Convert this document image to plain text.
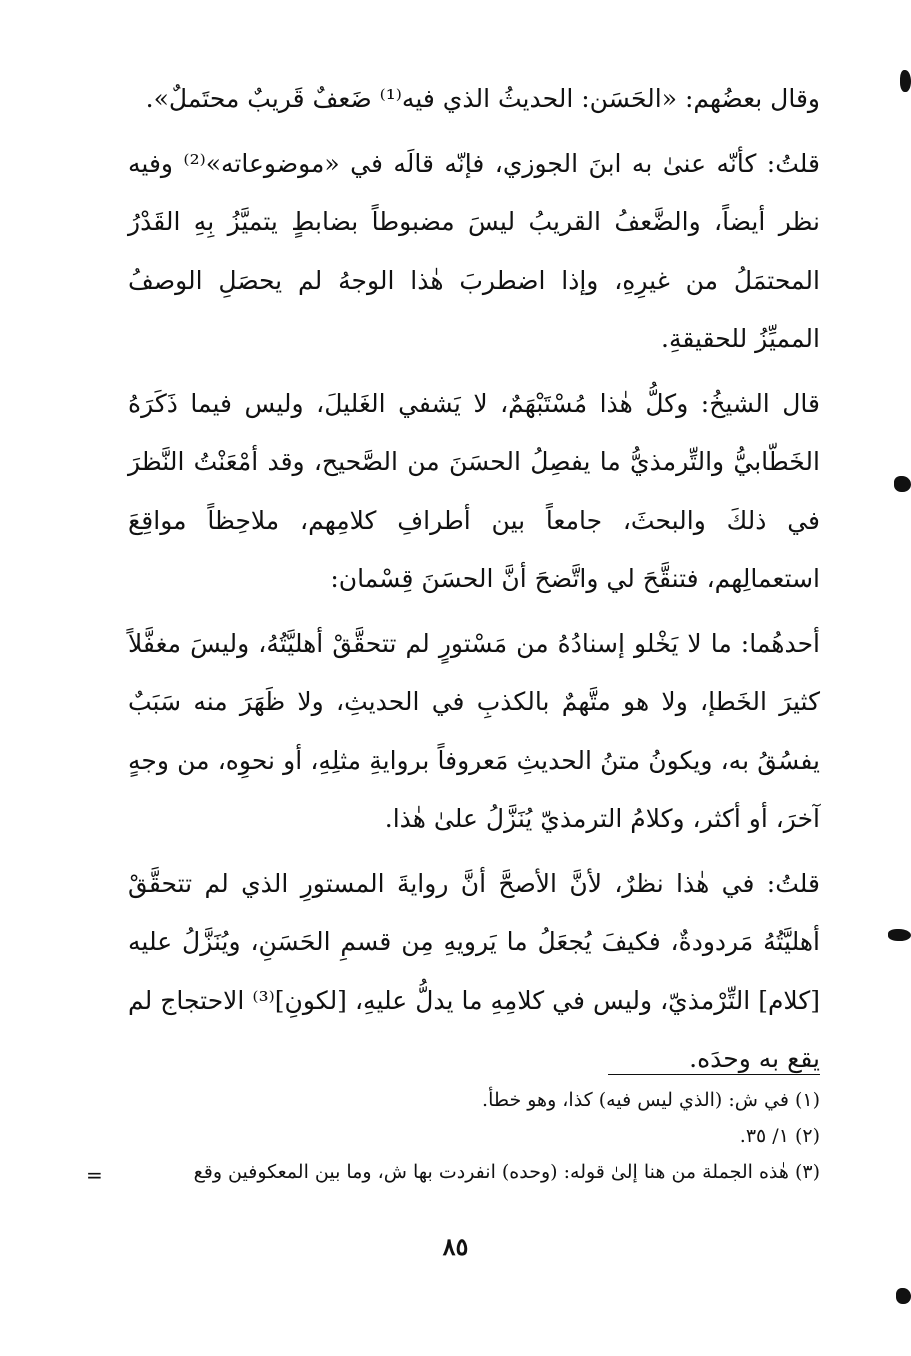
وقال بعضُهم: «الحَسَن: الحديثُ الذي فيه⁽¹⁾ ضَعفٌ قَريبٌ محتَملٌ».

قلتُ: كأنّه عنىٰ به ابنَ الجوزي، فإنّه قالَه في «موضوعاته»⁽²⁾ وفيه نظر أيضاً، والضَّعفُ القريبُ ليسَ مضبوطاً بضابطٍ يتميَّزُ بِهِ القَدْرُ المحتمَلُ من غيرِهِ، وإذا اضطربَ هٰذا الوجهُ لم يحصَلِ الوصفُ المميِّزُ للحقيقةِ.

قال الشيخُ: وكلُّ هٰذا مُسْتَبْهَمٌ، لا يَشفي الغَليلَ، وليس فيما ذَكَرَهُ الخَطّابيُّ والتِّرمذيُّ ما يفصِلُ الحسَنَ من الصَّحيح، وقد أمْعَنْتُ النَّظرَ في ذلكَ والبحثَ، جامعاً بين أطرافِ كلامِهم، ملاحِظاً مواقِعَ استعمالِهم، فتنقَّحَ لي واتَّضحَ أنَّ الحسَنَ قِسْمان:

أحدهُما: ما لا يَخْلو إسنادُهُ من مَسْتورٍ لم تتحقَّقْ أهليَّتُهُ، وليسَ مغفَّلاً كثيرَ الخَطإ، ولا هو متَّهمٌ بالكذبِ في الحديثِ، ولا ظَهَرَ منه سَبَبٌ يفسُقُ به، ويكونُ متنُ الحديثِ مَعروفاً بروايةِ مثلِهِ، أو نحوِه، من وجهٍ آخرَ، أو أكثر، وكلامُ الترمذيّ يُنَزَّلُ علىٰ هٰذا.

قلتُ: في هٰذا نظرٌ، لأنَّ الأصحَّ أنَّ روايةَ المستورِ الذي لم تتحقَّقْ أهليَّتُهُ مَردودةٌ، فكيفَ يُجعَلُ ما يَرويهِ مِن قسمِ الحَسَنِ، ويُنَزَّلُ عليه [كلام] التِّرْمذيّ، وليس في كلامِهِ ما يدلُّ عليهِ، [لكونِ]⁽³⁾ الاحتجاج لم يقع به وحدَه.

(١) في ش: (الذي ليس فيه) كذا، وهو خطأ.

(٢) ١/ ٣٥.

(٣) هٰذه الجملة من هنا إلىٰ قوله: (وحده) انفردت بها ش، وما بين المعكوفين وقع

=
٨٥
